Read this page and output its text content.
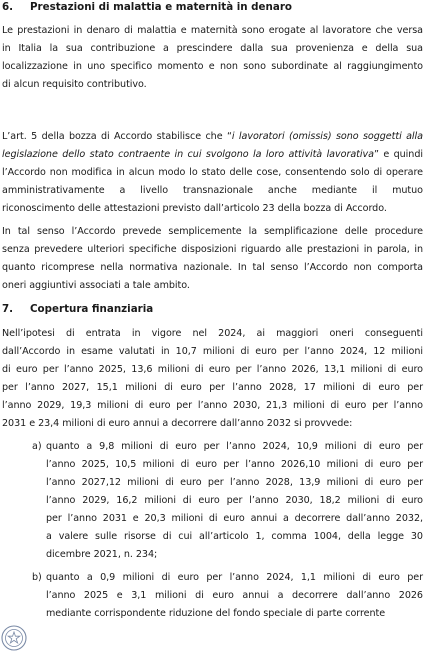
6. Prestazioni di malattia e maternità in denaro
Le prestazioni in denaro di malattia e maternità sono erogate al lavoratore che versa
in Italia la sua contribuzione a prescindere dalla sua provenienza e della sua
localizzazione in uno specifico momento e non sono subordinate al raggiungimento
di alcun requisito contributivo.
L’art. 5 della bozza di Accordo stabilisce che “i lavoratori (omissis) sono soggetti alla
legislazione dello stato contraente in cui svolgono la loro attività lavorativa” e quindi
l’Accordo non modifica in alcun modo lo stato delle cose, consentendo solo di operare
amministrativamente a livello transnazionale anche mediante il mutuo
riconoscimento delle attestazioni previsto dall’articolo 23 della bozza di Accordo.
In tal senso l’Accordo prevede semplicemente la semplificazione delle procedure
senza prevedere ulteriori specifiche disposizioni riguardo alle prestazioni in parola, in
quanto ricomprese nella normativa nazionale. In tal senso l’Accordo non comporta
oneri aggiuntivi associati a tale ambito.
7. Copertura finanziaria
Nell’ipotesi di entrata in vigore nel 2024, ai maggiori oneri conseguenti
dall’Accordo in esame valutati in 10,7 milioni di euro per l’anno 2024, 12 milioni
di euro per l’anno 2025, 13,6 milioni di euro per l’anno 2026, 13,1 milioni di euro
per l’anno 2027, 15,1 milioni di euro per l’anno 2028, 17 milioni di euro per
l’anno 2029, 19,3 milioni di euro per l’anno 2030, 21,3 milioni di euro per l’anno
2031 e 23,4 milioni di euro annui a decorrere dall’anno 2032 si provvede:
a) quanto a 9,8 milioni di euro per l’anno 2024, 10,9 milioni di euro per
l’anno 2025, 10,5 milioni di euro per l’anno 2026,10 milioni di euro per
l’anno 2027,12 milioni di euro per l’anno 2028, 13,9 milioni di euro per
l’anno 2029, 16,2 milioni di euro per l’anno 2030, 18,2 milioni di euro
per l’anno 2031 e 20,3 milioni di euro annui a decorrere dall’anno 2032,
a valere sulle risorse di cui all’articolo 1, comma 1004, della legge 30
dicembre 2021, n. 234;
b) quanto a 0,9 milioni di euro per l’anno 2024, 1,1 milioni di euro per
l’anno 2025 e 3,1 milioni di euro annui a decorrere dall’anno 2026
mediante corrispondente riduzione del fondo speciale di parte corrente
